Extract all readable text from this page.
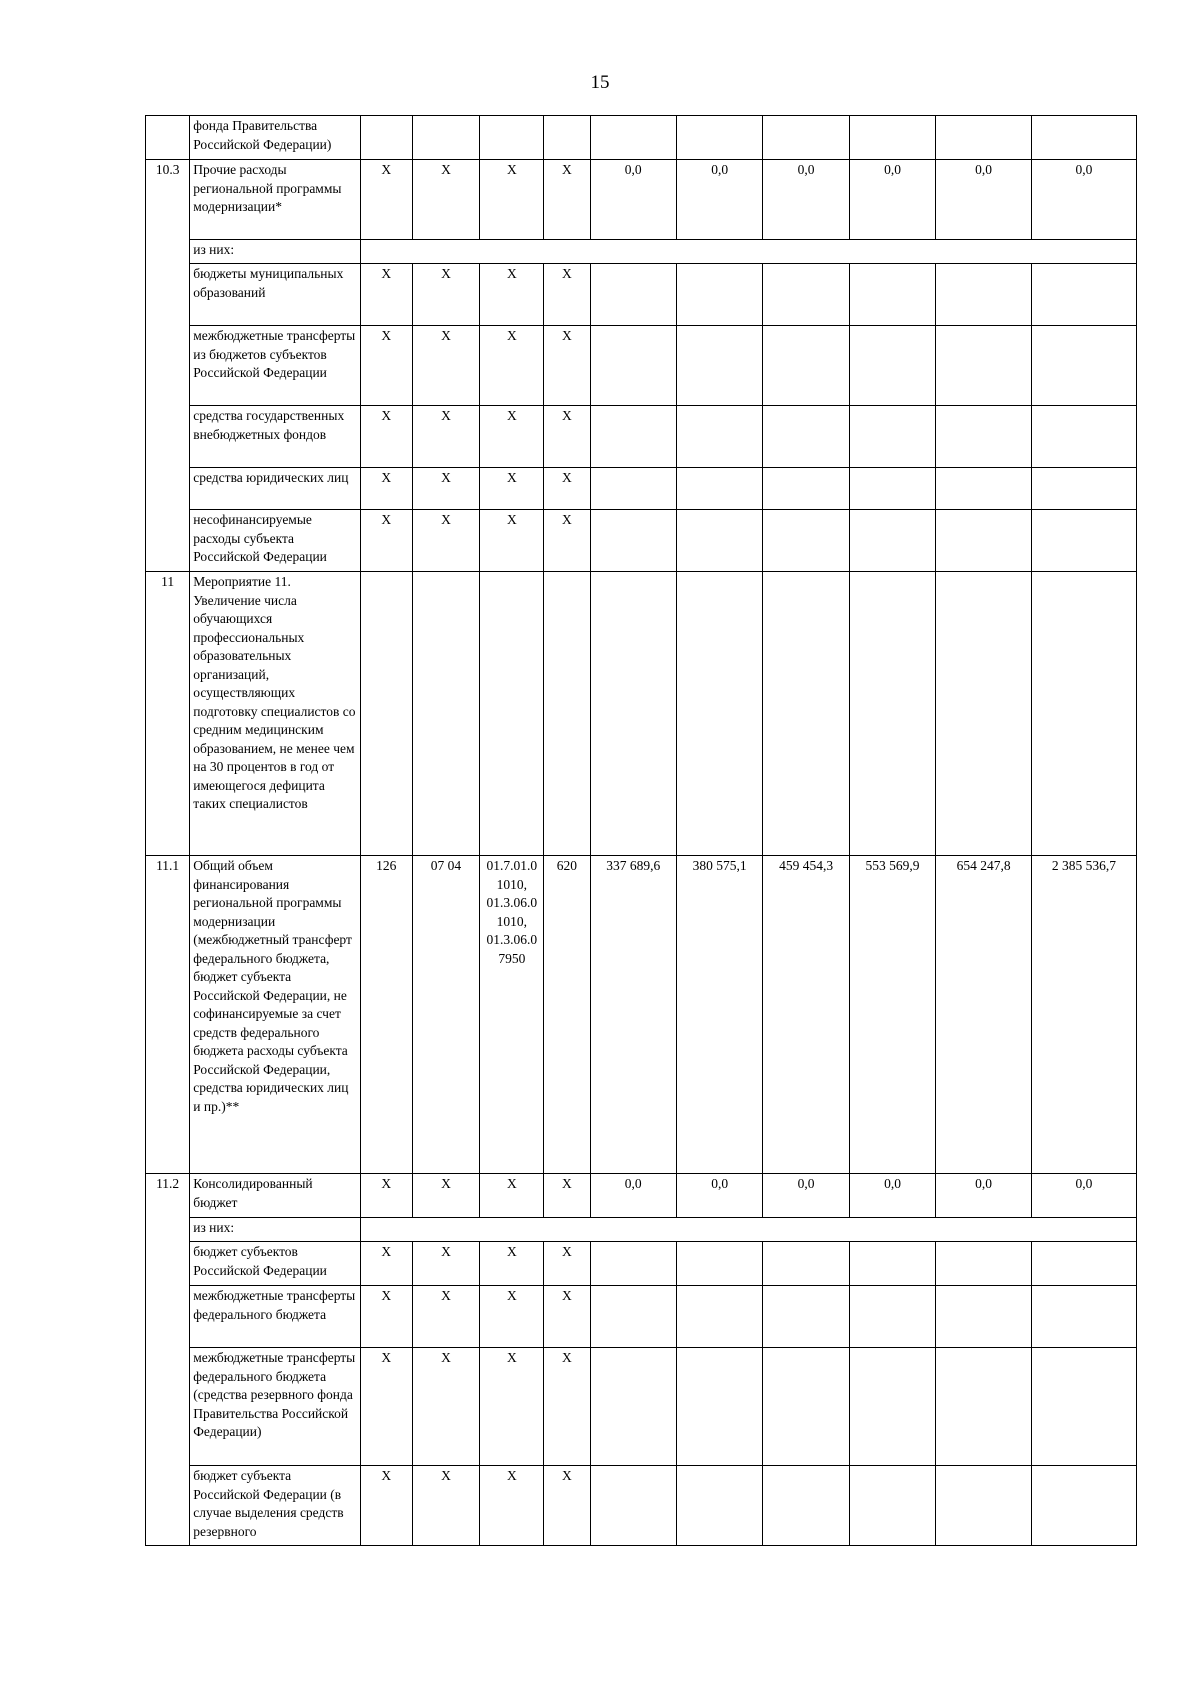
15
	фонда Правительства Российской Федерации)										
10.3	Прочие расходы региональной программы модернизации*	X	X	X	X	0,0	0,0	0,0	0,0	0,0	0,0
	из них:										
	бюджеты муниципальных образований	X	X	X	X						
	межбюджетные трансферты из бюджетов субъектов Российской Федерации	X	X	X	X						
	средства государственных внебюджетных фондов	X	X	X	X						
	средства юридических лиц	X	X	X	X						
	несофинансируемые расходы субъекта Российской Федерации	X	X	X	X						
11	Мероприятие 11. Увеличение числа обучающихся профессиональных образовательных организаций, осуществляющих подготовку специалистов со средним медицинским образованием, не менее чем на 30 процентов в год от имеющегося дефицита таких специалистов										
11.1	Общий объем финансирования региональной программы модернизации (межбюджетный трансферт федерального бюджета, бюджет субъекта Российской Федерации, не софинансируемые за счет средств федерального бюджета расходы субъекта Российской Федерации, средства юридических лиц и пр.)**	126	07 04	01.7.01.0 1010, 01.3.06.0 1010, 01.3.06.0 7950	620	337 689,6	380 575,1	459 454,3	553 569,9	654 247,8	2 385 536,7
11.2	Консолидированный бюджет	X	X	X	X	0,0	0,0	0,0	0,0	0,0	0,0
	из них:										
	бюджет субъектов Российской Федерации	X	X	X	X						
	межбюджетные трансферты федерального бюджета	X	X	X	X						
	межбюджетные трансферты федерального бюджета (средства резервного фонда Правительства Российской Федерации)	X	X	X	X						
	бюджет субъекта Российской Федерации (в случае выделения средств резервного	X	X	X	X						
